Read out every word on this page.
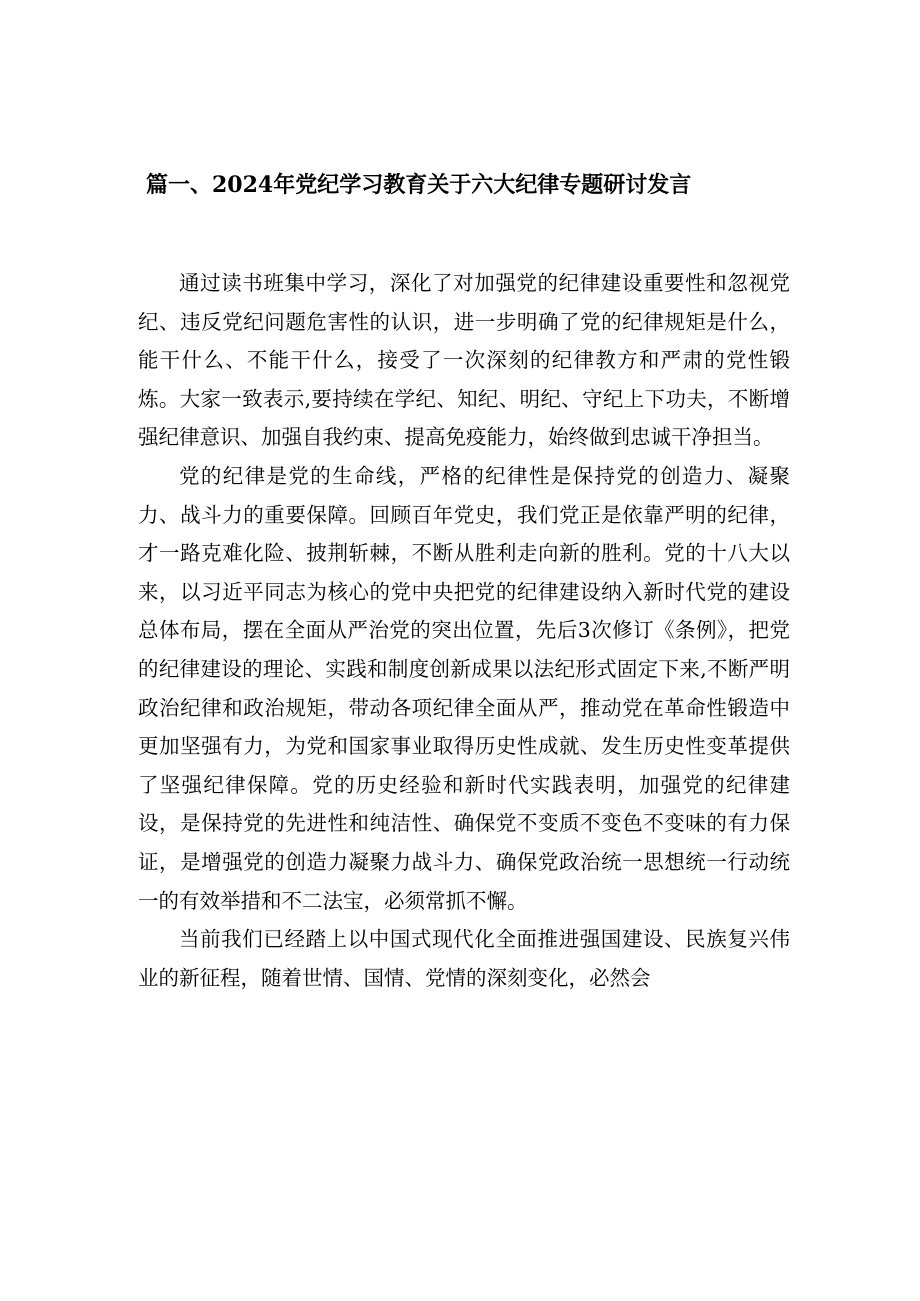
篇一、2024年党纪学习教育关于六大纪律专题研讨发言

通过读书班集中学习，深化了对加强党的纪律建设重要性和忽视党纪、违反党纪问题危害性的认识，进一步明确了党的纪律规矩是什么，能干什么、不能干什么，接受了一次深刻的纪律教方和严肃的党性锻炼。大家一致表示,要持续在学纪、知纪、明纪、守纪上下功夫，不断增强纪律意识、加强自我约束、提高免疫能力，始终做到忠诚干净担当。

党的纪律是党的生命线，严格的纪律性是保持党的创造力、凝聚力、战斗力的重要保障。回顾百年党史，我们党正是依靠严明的纪律，才一路克难化险、披荆斩棘，不断从胜利走向新的胜利。党的十八大以来，以习近平同志为核心的党中央把党的纪律建设纳入新时代党的建设总体布局，摆在全面从严治党的突出位置，先后3次修订《条例》，把党的纪律建设的理论、实践和制度创新成果以法纪形式固定下来,不断严明政治纪律和政治规矩，带动各项纪律全面从严，推动党在革命性锻造中更加坚强有力，为党和国家事业取得历史性成就、发生历史性变革提供了坚强纪律保障。党的历史经验和新时代实践表明，加强党的纪律建设，是保持党的先进性和纯洁性、确保党不变质不变色不变味的有力保证，是增强党的创造力凝聚力战斗力、确保党政治统一思想统一行动统一的有效举措和不二法宝，必须常抓不懈。

当前我们已经踏上以中国式现代化全面推进强国建设、民族复兴伟业的新征程，随着世情、国情、党情的深刻变化，必然会
